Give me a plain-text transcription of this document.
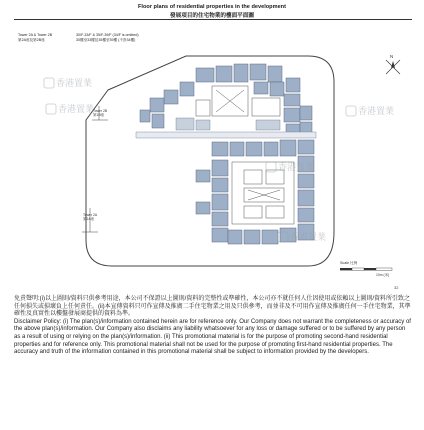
Floor plans of residential properties in the development
發展項目的住宅物業的樓面平面圖
Tower 2A & Tower 2B
第2A座及第2B座
30/F-33/F & 35/F-39/F (34/F is omitted)
30樓至33樓及35樓至39樓 (不設34樓)
N
Tower 2B
第2B座
Tower 2A
第2A座
Scale 比例
10m (米)
香港置業
香港置業	香港置業
香港置業
香港置業
32

免責聲明:(i)以上圖則/資料只供參考用途，本公司不保證以上圖則/資料的完整性或準確性，本公司亦不就任何人仕因使用或依賴以上圖則/資料所引致之任何損失或損壞負上任何責任。(ii)本宣傳資料只可作宣傳及推廣二手住宅物業之用及只供參考，而並非及不可用作宣傳及推廣任何一手住宅物業，其準確性及真實性以樓盤發展商提供的資料為準。

Disclaimer Policy: (i) The plan(s)/information contained herein are for reference only. Our Company does not warrant the completeness or accuracy of the above plan(s)/information. Our Company also disclaims any liability whatsoever for any loss or damage suffered or to be suffered by any person as a result of using or relying on the plan(s)/information. (ii) This promotional material is for the purpose of promoting second-hand residential properties and for reference only. This promotional material shall not be used for the purpose of promoting first-hand residential properties. The accuracy and truth of the information contained in this promotional material shall be subject to information provided by the developers.
